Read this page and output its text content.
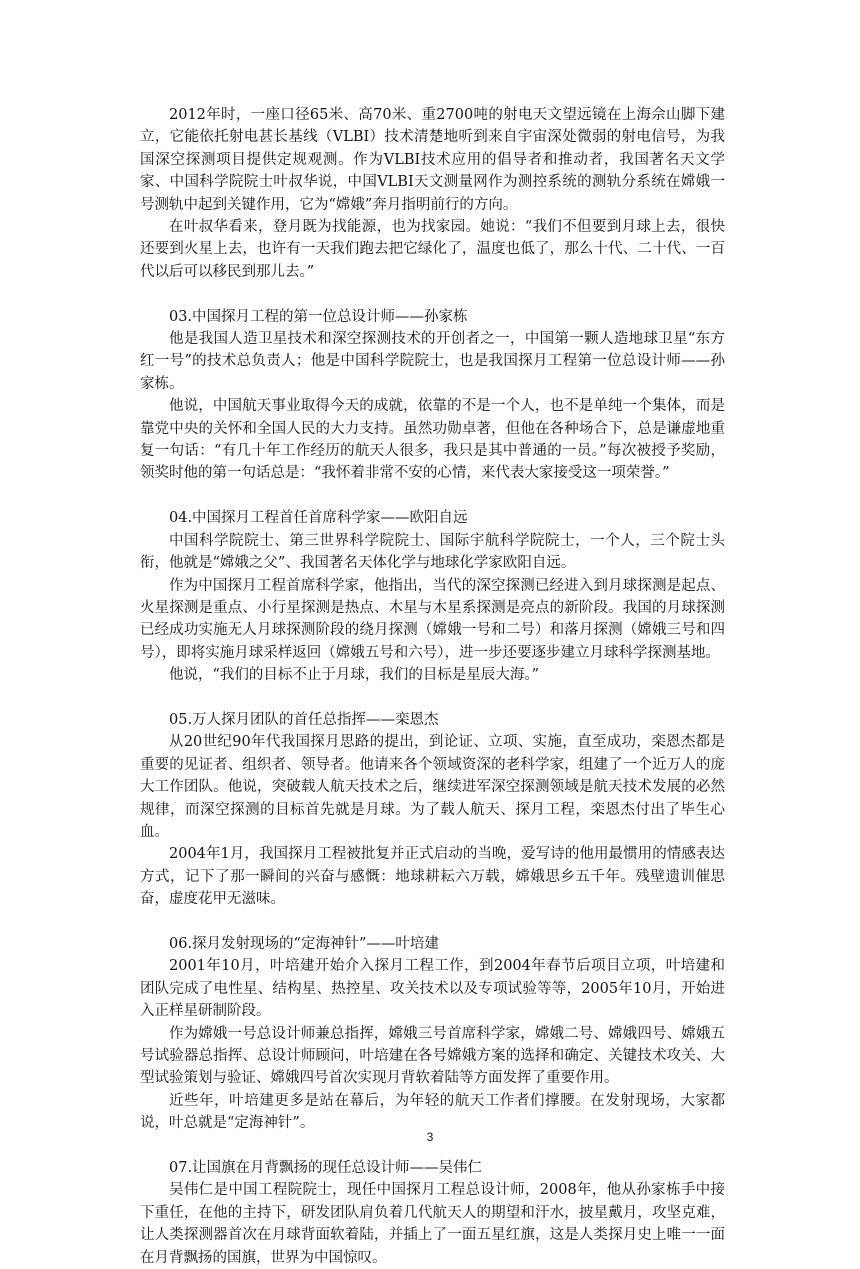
2012年时，一座口径65米、高70米、重2700吨的射电天文望远镜在上海佘山脚下建立，它能依托射电甚长基线（VLBI）技术清楚地听到来自宇宙深处微弱的射电信号，为我国深空探测项目提供定规观测。作为VLBI技术应用的倡导者和推动者，我国著名天文学家、中国科学院院士叶叔华说，中国VLBI天文测量网作为测控系统的测轨分系统在嫦娥一号测轨中起到关键作用，它为“嫦娥”奔月指明前行的方向。

在叶叔华看来，登月既为找能源，也为找家园。她说：“我们不但要到月球上去，很快还要到火星上去，也许有一天我们跑去把它绿化了，温度也低了，那么十代、二十代、一百代以后可以移民到那儿去。”

03.中国探月工程的第一位总设计师——孙家栋

他是我国人造卫星技术和深空探测技术的开创者之一，中国第一颗人造地球卫星“东方红一号”的技术总负责人；他是中国科学院院士，也是我国探月工程第一位总设计师——孙家栋。

他说，中国航天事业取得今天的成就，依靠的不是一个人，也不是单纯一个集体，而是靠党中央的关怀和全国人民的大力支持。虽然功勋卓著，但他在各种场合下，总是谦虚地重复一句话：“有几十年工作经历的航天人很多，我只是其中普通的一员。”每次被授予奖励，领奖时他的第一句话总是：“我怀着非常不安的心情，来代表大家接受这一项荣誉。”

04.中国探月工程首任首席科学家——欧阳自远

中国科学院院士、第三世界科学院院士、国际宇航科学院院士，一个人，三个院士头衔，他就是“嫦娥之父”、我国著名天体化学与地球化学家欧阳自远。

作为中国探月工程首席科学家，他指出，当代的深空探测已经进入到月球探测是起点、火星探测是重点、小行星探测是热点、木星与木星系探测是亮点的新阶段。我国的月球探测已经成功实施无人月球探测阶段的绕月探测（嫦娥一号和二号）和落月探测（嫦娥三号和四号），即将实施月球采样返回（嫦娥五号和六号），进一步还要逐步建立月球科学探测基地。

他说，“我们的目标不止于月球，我们的目标是星辰大海。”

05.万人探月团队的首任总指挥——栾恩杰

从20世纪90年代我国探月思路的提出，到论证、立项、实施，直至成功，栾恩杰都是重要的见证者、组织者、领导者。他请来各个领域资深的老科学家，组建了一个近万人的庞大工作团队。他说，突破载人航天技术之后，继续进军深空探测领域是航天技术发展的必然规律，而深空探测的目标首先就是月球。为了载人航天、探月工程，栾恩杰付出了毕生心血。

2004年1月，我国探月工程被批复并正式启动的当晚，爱写诗的他用最惯用的情感表达方式，记下了那一瞬间的兴奋与感慨：地球耕耘六万载，嫦娥思乡五千年。残壁遗训催思奋，虚度花甲无滋味。

06.探月发射现场的“定海神针”——叶培建

2001年10月，叶培建开始介入探月工程工作，到2004年春节后项目立项，叶培建和团队完成了电性星、结构星、热控星、攻关技术以及专项试验等等，2005年10月，开始进入正样星研制阶段。

作为嫦娥一号总设计师兼总指挥，嫦娥三号首席科学家，嫦娥二号、嫦娥四号、嫦娥五号试验器总指挥、总设计师顾问，叶培建在各号嫦娥方案的选择和确定、关键技术攻关、大型试验策划与验证、嫦娥四号首次实现月背软着陆等方面发挥了重要作用。

近些年，叶培建更多是站在幕后，为年轻的航天工作者们撑腰。在发射现场，大家都说，叶总就是“定海神针”。

07.让国旗在月背飘扬的现任总设计师——吴伟仁

吴伟仁是中国工程院院士，现任中国探月工程总设计师，2008年，他从孙家栋手中接下重任，在他的主持下，研发团队肩负着几代航天人的期望和汗水，披星戴月，攻坚克难，让人类探测器首次在月球背面软着陆，并插上了一面五星红旗，这是人类探月史上唯一一面在月背飘扬的国旗，世界为中国惊叹。

3
